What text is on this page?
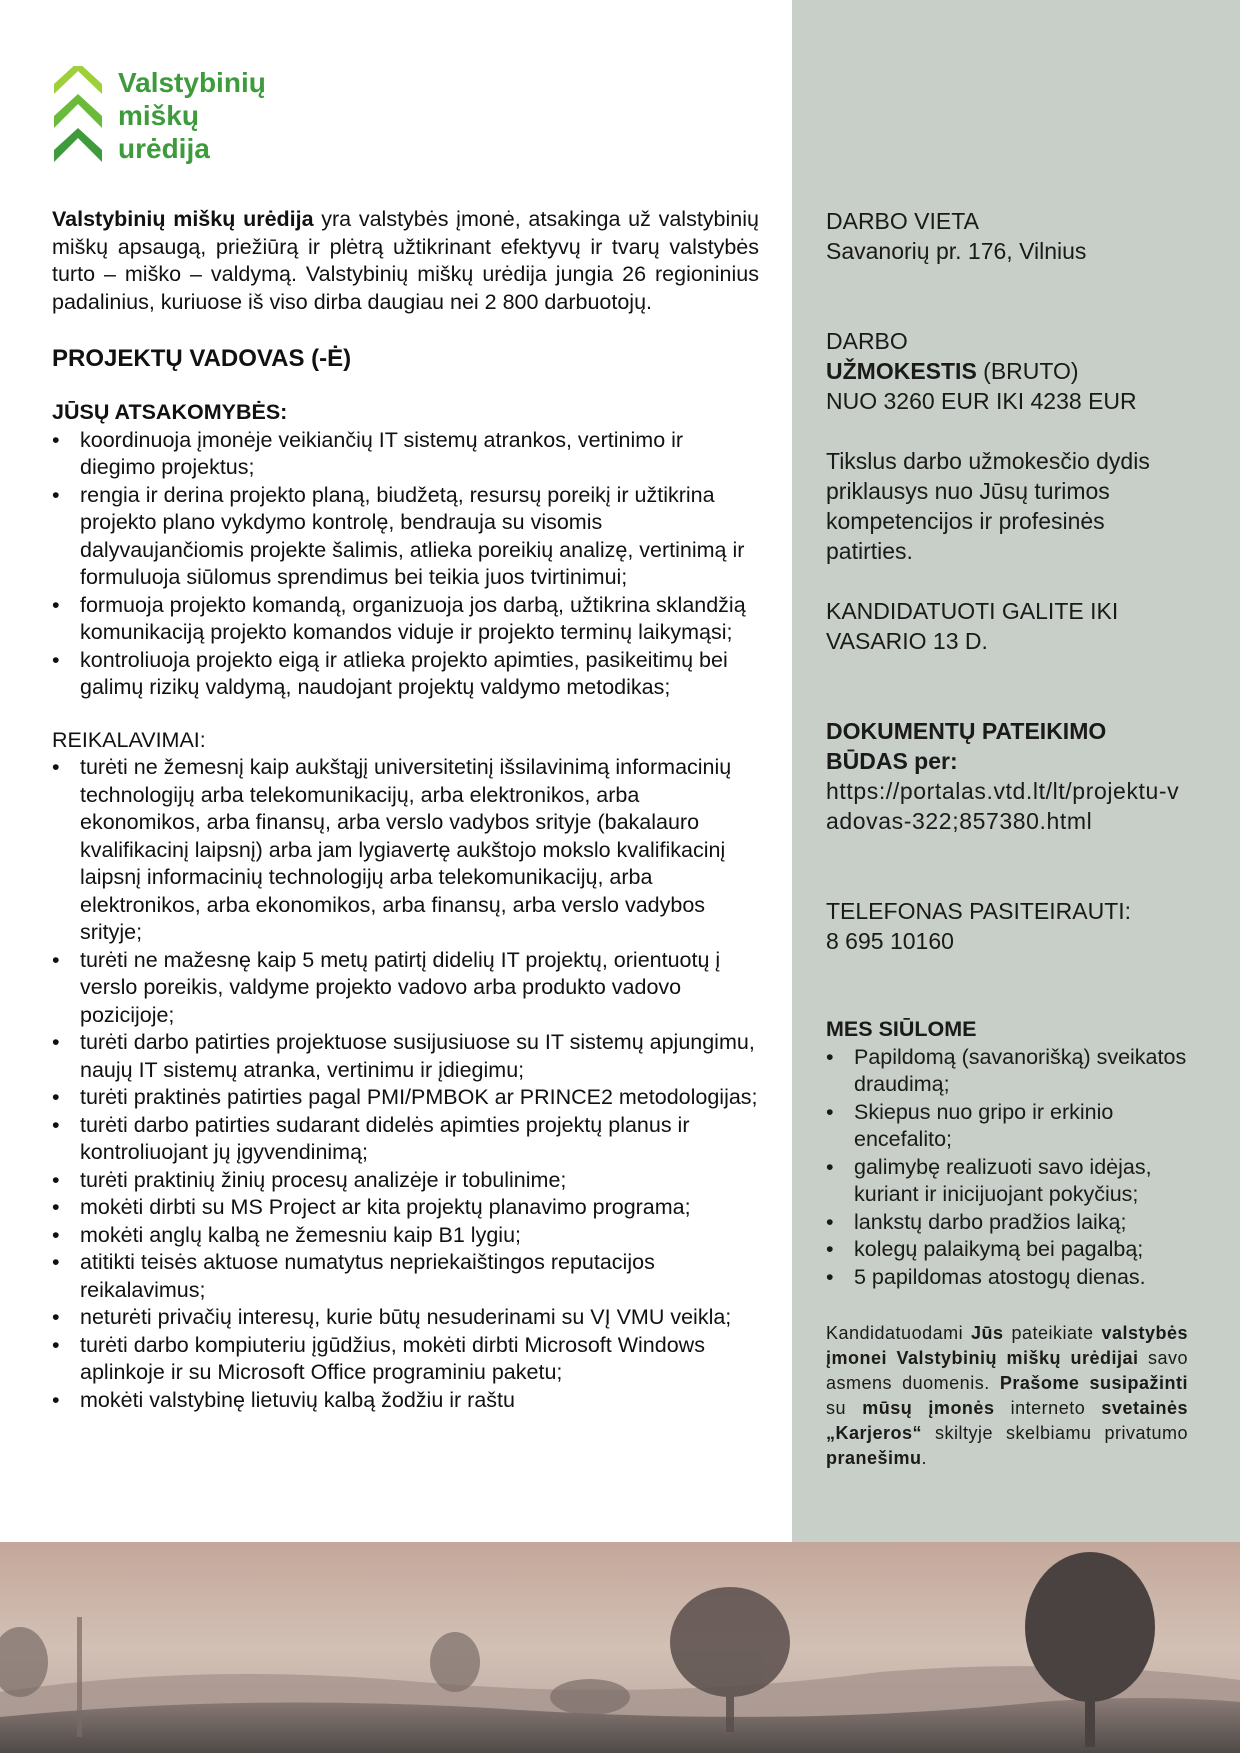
Valstybinių
miškų
urėdija

Valstybinių miškų urėdija yra valstybės įmonė, atsakinga už valstybinių miškų apsaugą, priežiūrą ir plėtrą užtikrinant efektyvų ir tvarų valstybės turto – miško – valdymą. Valstybinių miškų urėdija jungia 26 regioninius padalinius, kuriuose iš viso dirba daugiau nei 2 800 darbuotojų.

PROJEKTŲ VADOVAS (-Ė)
JŪSŲ ATSAKOMYBĖS:
• koordinuoja įmonėje veikiančių IT sistemų atrankos, vertinimo ir diegimo projektus;
• rengia ir derina projekto planą, biudžetą, resursų poreikį ir užtikrina projekto plano vykdymo kontrolę, bendrauja su visomis dalyvaujančiomis projekte šalimis, atlieka poreikių analizę, vertinimą ir formuluoja siūlomus sprendimus bei teikia juos tvirtinimui;
• formuoja projekto komandą, organizuoja jos darbą, užtikrina sklandžią komunikaciją projekto komandos viduje ir projekto terminų laikymąsi;
• kontroliuoja projekto eigą ir atlieka projekto apimties, pasikeitimų bei galimų rizikų valdymą, naudojant projektų valdymo metodikas;
REIKALAVIMAI:
• turėti ne žemesnį kaip aukštąjį universitetinį išsilavinimą informacinių technologijų arba telekomunikacijų, arba elektronikos, arba ekonomikos, arba finansų, arba verslo vadybos srityje (bakalauro kvalifikacinį laipsnį) arba jam lygiavertę aukštojo mokslo kvalifikacinį laipsnį informacinių technologijų arba telekomunikacijų, arba elektronikos, arba ekonomikos, arba finansų, arba verslo vadybos srityje;
• turėti ne mažesnę kaip 5 metų patirtį didelių IT projektų, orientuotų į verslo poreikis, valdyme projekto vadovo arba produkto vadovo pozicijoje;
• turėti darbo patirties projektuose susijusiuose su IT sistemų apjungimu, naujų IT sistemų atranka, vertinimu ir įdiegimu;
• turėti praktinės patirties pagal PMI/PMBOK ar PRINCE2 metodologijas;
• turėti darbo patirties sudarant didelės apimties projektų planus ir kontroliuojant jų įgyvendinimą;
• turėti praktinių žinių procesų analizėje ir tobulinime;
• mokėti dirbti su MS Project ar kita projektų planavimo programa;
• mokėti anglų kalbą ne žemesniu kaip B1 lygiu;
• atitikti teisės aktuose numatytus nepriekaištingos reputacijos reikalavimus;
• neturėti privačių interesų, kurie būtų nesuderinami su VĮ VMU veikla;
• turėti darbo kompiuteriu įgūdžius, mokėti dirbti Microsoft Windows aplinkoje ir su Microsoft Office programiniu paketu;
• mokėti valstybinę lietuvių kalbą žodžiu ir raštu
DARBO VIETA
Savanorių pr. 176, Vilnius
DARBO
UŽMOKESTIS (BRUTO)
NUO 3260 EUR IKI 4238 EUR
Tikslus darbo užmokesčio dydis priklausys nuo Jūsų turimos kompetencijos ir profesinės patirties.
KANDIDATUOTI GALITE IKI VASARIO 13 D.
DOKUMENTŲ PATEIKIMO BŪDAS per:
https://portalas.vtd.lt/lt/projektu-vadovas-322;857380.html
TELEFONAS PASITEIRAUTI:
8 695 10160
MES SIŪLOME
• Papildomą (savanorišką) sveikatos draudimą;
• Skiepus nuo gripo ir erkinio encefalito;
• galimybę realizuoti savo idėjas, kuriant ir inicijuojant pokyčius;
• lankstų darbo pradžios laiką;
• kolegų palaikymą bei pagalbą;
• 5 papildomas atostogų dienas.

Kandidatuodami Jūs pateikiate valstybės įmonei Valstybinių miškų urėdijai savo asmens duomenis. Prašome susipažinti su mūsų įmonės interneto svetainės „Karjeros“ skiltyje skelbiamu privatumo pranešimu.
